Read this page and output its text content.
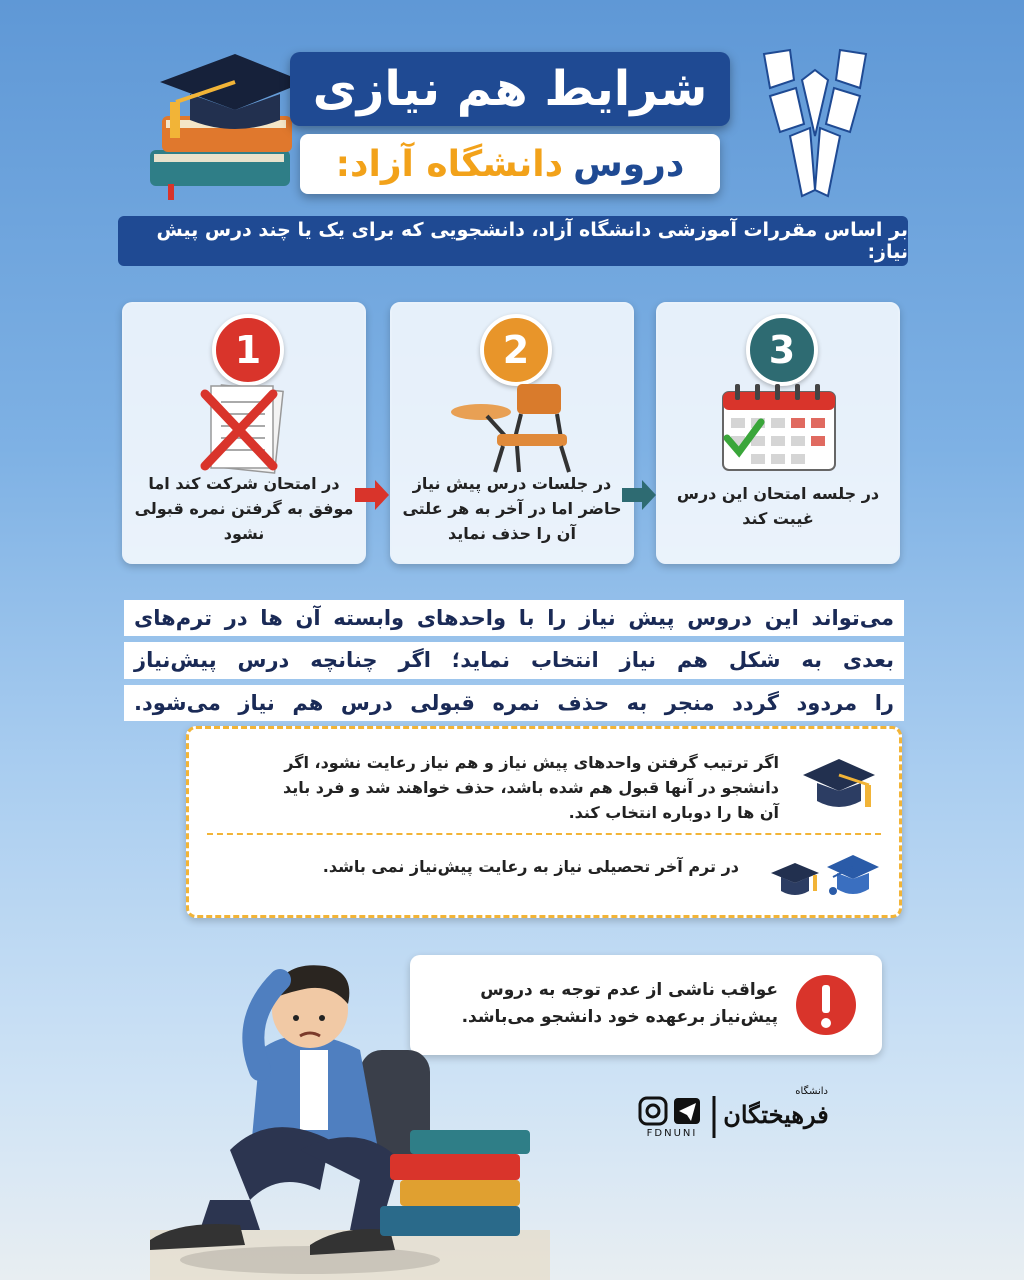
شرایط هم نیازی
دروس
دانشگاه آزاد:
بر اساس مقررات آموزشی دانشگاه آزاد، دانشجویی که برای یک یا چند درس پیش نیاز:
1
در امتحان شرکت کند اما موفق به گرفتن نمره قبولی نشود
2
در جلسات درس پیش نیاز حاضر اما در آخر به هر علتی آن را حذف نماید
3
در جلسه امتحان این درس غیبت کند
می‌تواند این دروس پیش نیاز را با واحدهای وابسته آن ها در ترم‌های
بعدی به شکل هم نیاز انتخاب نماید؛ اگر چنانچه درس پیش‌نیاز
را مردود گردد منجر به حذف نمره قبولی درس هم نیاز می‌شود.
اگر ترتیب گرفتن واحدهای پیش نیاز و هم نیاز رعایت نشود، اگر دانشجو در آنها قبول هم شده باشد، حذف خواهند شد و فرد باید آن ها را دوباره انتخاب کند.
در ترم آخر تحصیلی نیاز به رعایت پیش‌نیاز نمی باشد.
عواقب ناشی از عدم توجه به دروس پیش‌نیاز برعهده خود دانشجو می‌باشد.
FDNUNI
دانشگاه
فرهیختگان
